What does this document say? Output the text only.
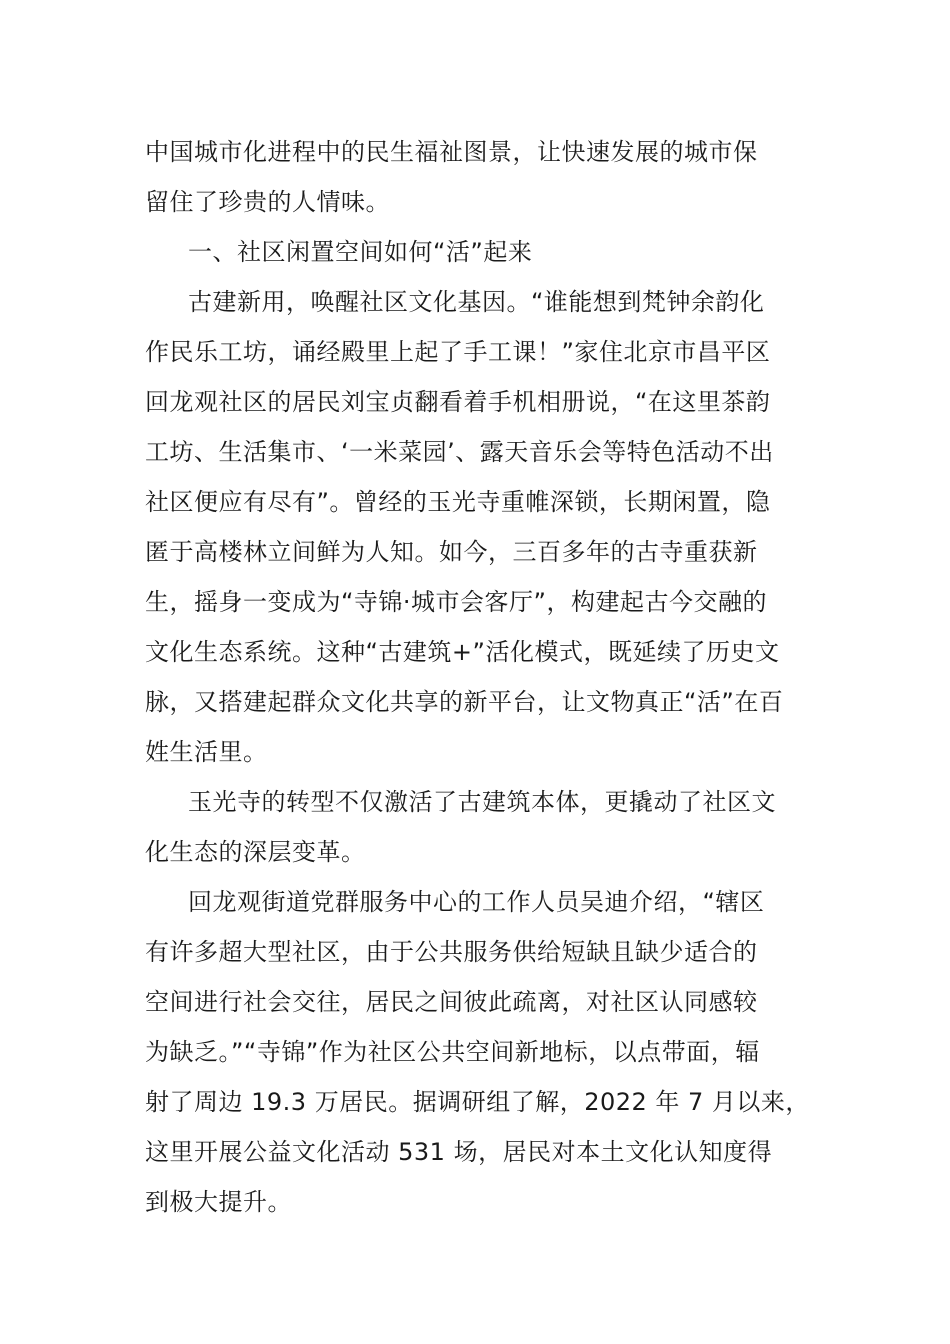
中国城市化进程中的民生福祉图景，让快速发展的城市保
留住了珍贵的人情味。
一、社区闲置空间如何“活”起来
古建新用，唤醒社区文化基因。“谁能想到梵钟余韵化
作民乐工坊，诵经殿里上起了手工课！”家住北京市昌平区
回龙观社区的居民刘宝贞翻看着手机相册说，“在这里茶韵
工坊、生活集市、‘一米菜园’、露天音乐会等特色活动不出
社区便应有尽有”。曾经的玉光寺重帷深锁，长期闲置，隐
匿于高楼林立间鲜为人知。如今，三百多年的古寺重获新
生，摇身一变成为“寺锦·城市会客厅”，构建起古今交融的
文化生态系统。这种“古建筑+”活化模式，既延续了历史文
脉，又搭建起群众文化共享的新平台，让文物真正“活”在百
姓生活里。
玉光寺的转型不仅激活了古建筑本体，更撬动了社区文
化生态的深层变革。
回龙观街道党群服务中心的工作人员吴迪介绍，“辖区
有许多超大型社区，由于公共服务供给短缺且缺少适合的
空间进行社会交往，居民之间彼此疏离，对社区认同感较
为缺乏。”“寺锦”作为社区公共空间新地标，以点带面，辐
射了周边 19.3 万居民。据调研组了解，2022 年 7 月以来，
这里开展公益文化活动 531 场，居民对本土文化认知度得
到极大提升。
